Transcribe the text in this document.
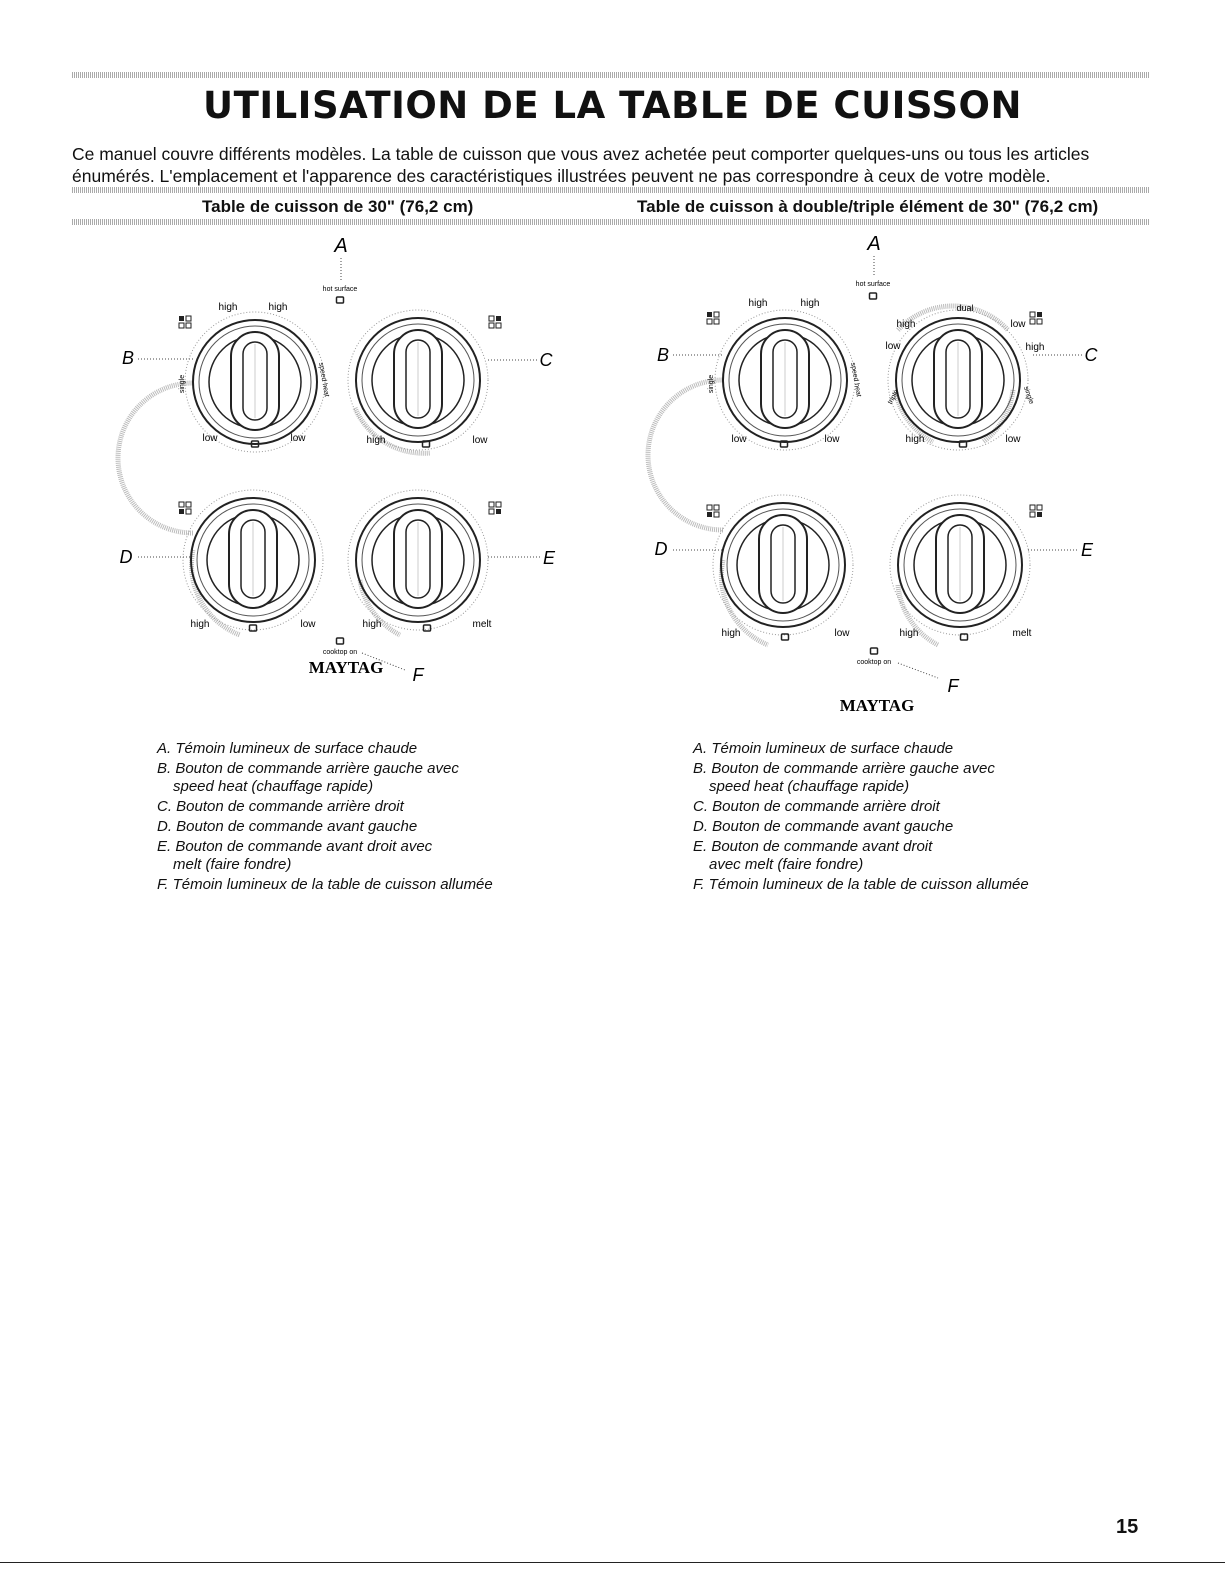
UTILISATION DE LA TABLE DE CUISSON

Ce manuel couvre différents modèles. La table de cuisson que vous avez achetée peut comporter quelques-uns ou tous les articles énumérés. L'emplacement et l'apparence des caractéristiques illustrées peuvent ne pas correspondre à ceux de votre modèle.

Table de cuisson de 30" (76,2 cm)	Table de cuisson à double/triple élément de 30" (76,2 cm)
A
hot surface
high	high
low	low
single	speed heat
B
high	low
C
high	low
D
high	melt
E
cooktop on
F
MAYTAG
A
hot surface
high	high
low	low
single	speed heat
B
dual
high	low
low	high
triple	single
high	low
C
high	low
D
high	melt
E
cooktop on
F
MAYTAG
A. Témoin lumineux de surface chaude
B. Bouton de commande arrière gauche avec
speed heat (chauffage rapide)
C. Bouton de commande arrière droit
D. Bouton de commande avant gauche
E. Bouton de commande avant droit avec
melt (faire fondre)
F. Témoin lumineux de la table de cuisson allumée
A. Témoin lumineux de surface chaude
B. Bouton de commande arrière gauche avec
speed heat (chauffage rapide)
C. Bouton de commande arrière droit
D. Bouton de commande avant gauche
E. Bouton de commande avant droit
avec melt (faire fondre)
F. Témoin lumineux de la table de cuisson allumée
15
